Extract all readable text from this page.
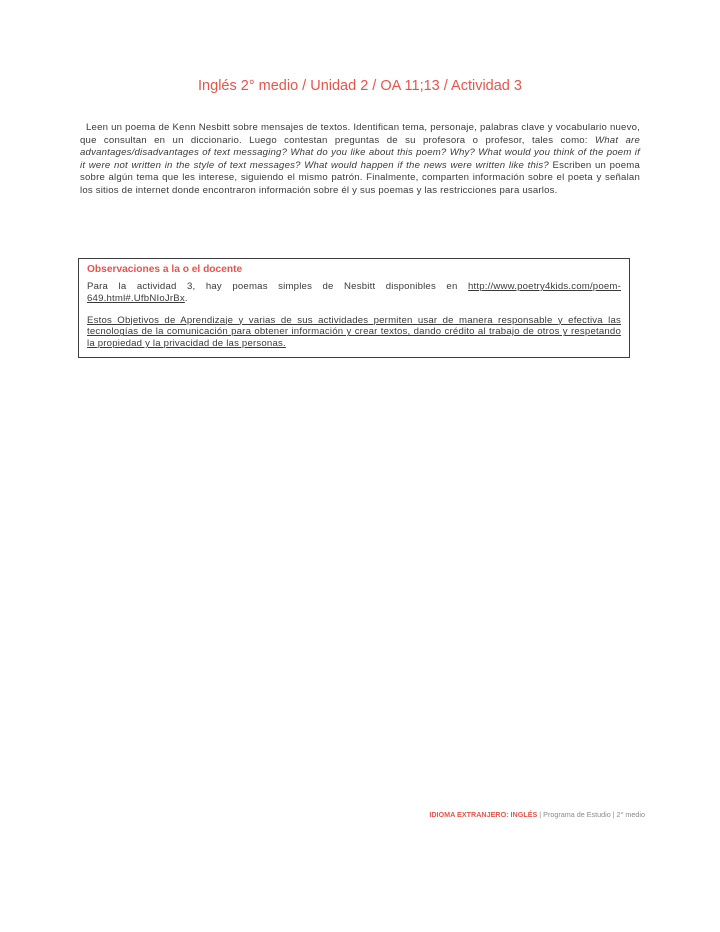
Inglés 2° medio / Unidad 2 / OA 11;13 / Actividad 3

Leen un poema de Kenn Nesbitt sobre mensajes de textos. Identifican tema, personaje, palabras clave y vocabulario nuevo, que consultan en un diccionario. Luego contestan preguntas de su profesora o profesor, tales como: What are advantages/disadvantages of text messaging? What do you like about this poem? Why? What would you think of the poem if it were not written in the style of text messages? What would happen if the news were written like this? Escriben un poema sobre algún tema que les interese, siguiendo el mismo patrón. Finalmente, comparten información sobre el poeta y señalan los sitios de internet donde encontraron información sobre él y sus poemas y las restricciones para usarlos.

Observaciones a la o el docente

Para la actividad 3, hay poemas simples de Nesbitt disponibles en http://www.poetry4kids.com/poem-649.html#.UfbNIoJrBx.

Estos Objetivos de Aprendizaje y varias de sus actividades permiten usar de manera responsable y efectiva las tecnologías de la comunicación para obtener información y crear textos, dando crédito al trabajo de otros y respetando la propiedad y la privacidad de las personas.

IDIOMA EXTRANJERO: INGLÉS | Programa de Estudio | 2° medio
